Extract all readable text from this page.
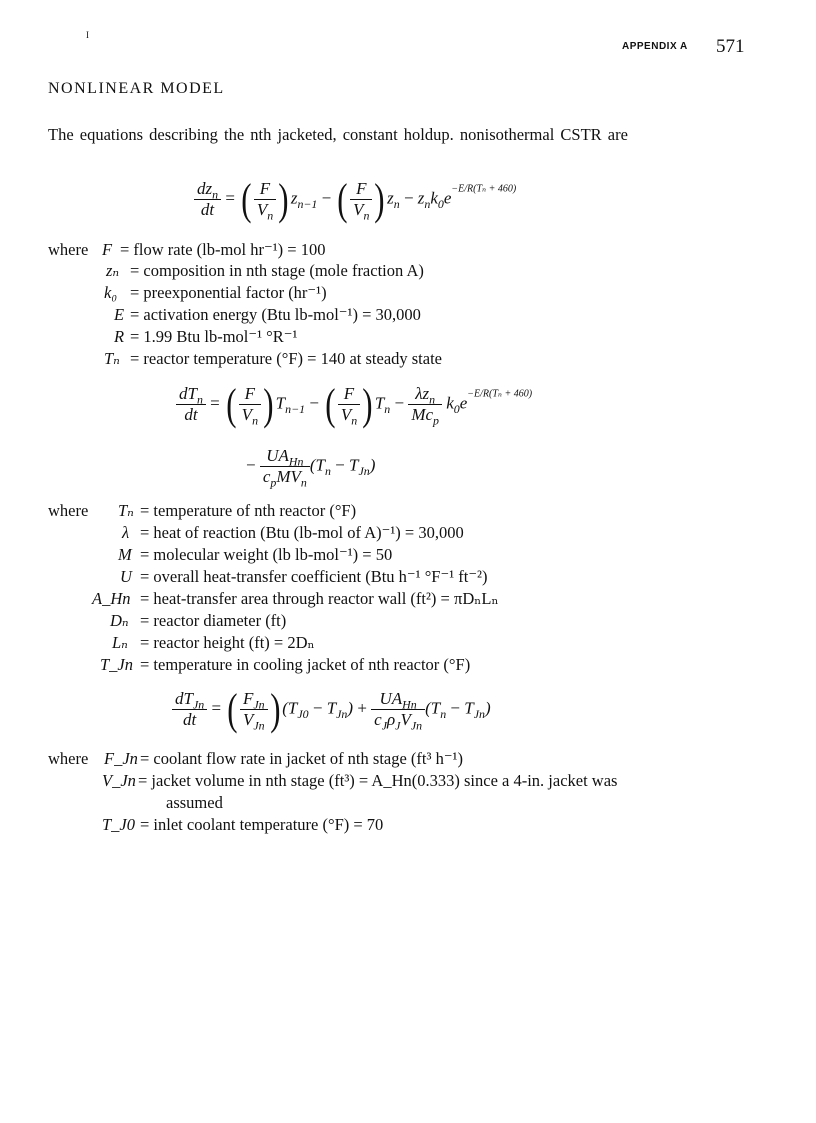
I
APPENDIX A 571
NONLINEAR MODEL
The equations describing the nth jacketed, constant holdup. nonisothermal CSTR are
$\frac{dz_n}{dt}$ = ( $\frac{F}{V_n}$ ) $z_{n-1}$ − ( $\frac{F}{V_n}$ ) $z_n - z_nk_0e^{-E/R(T_n + 460)}$
where F = flow rate (lb-mol hr⁻¹) = 100
zₙ = composition in nth stage (mole fraction A)
k₀ = preexponential factor (hr⁻¹)
E = activation energy (Btu lb-mol⁻¹) = 30,000
R = 1.99 Btu lb-mol⁻¹ °R⁻¹
Tₙ = reactor temperature (°F) = 140 at steady state
$\frac{dT_n}{dt}$ = ( $\frac{F}{V_n}$ ) $T_{n-1}$ − ( $\frac{F}{V_n}$ ) $T_n - \frac{\lambda z_n}{Mc_p} k_0e^{-E/R(T_n + 460)}$
− $\frac{UA_{Hn}}{c_pMV_n} (T_n - T_{Jn})$
where Tₙ = temperature of nth reactor (°F)
λ = heat of reaction (Btu (lb-mol of A)⁻¹) = 30,000
M = molecular weight (lb lb-mol⁻¹) = 50
U = overall heat-transfer coefficient (Btu h⁻¹ °F⁻¹ ft⁻²)
A_Hn = heat-transfer area through reactor wall (ft²) = πDₙLₙ
Dₙ = reactor diameter (ft)
Lₙ = reactor height (ft) = 2Dₙ
T_Jn = temperature in cooling jacket of nth reactor (°F)
$\frac{dT_{Jn}}{dt}$ = ( $\frac{F_{Jn}}{V_{Jn}}$ ) $(T_{J0} - T_{Jn}) + \frac{UA_{Hn}}{c_J\rho_JV_{Jn}} (T_n - T_{Jn})$
where F_Jn = coolant flow rate in jacket of nth stage (ft³ h⁻¹)
V_Jn = jacket volume in nth stage (ft³) = A_Hn(0.333) since a 4-in. jacket was
assumed
T_J0 = inlet coolant temperature (°F) = 70
